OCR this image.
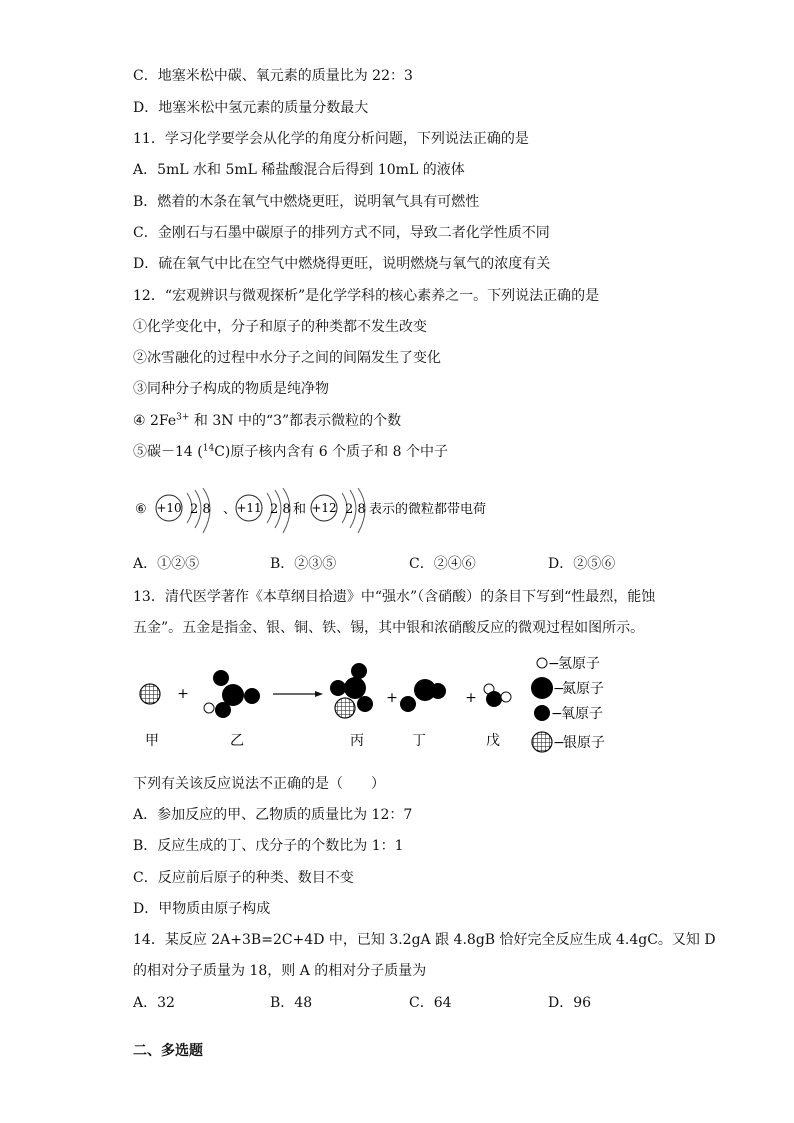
C．地塞米松中碳、氧元素的质量比为 22：3
D．地塞米松中氢元素的质量分数最大
11．学习化学要学会从化学的角度分析问题，下列说法正确的是
A．5mL 水和 5mL 稀盐酸混合后得到 10mL 的液体
B．燃着的木条在氧气中燃烧更旺，说明氧气具有可燃性
C．金刚石与石墨中碳原子的排列方式不同，导致二者化学性质不同
D．硫在氧气中比在空气中燃烧得更旺，说明燃烧与氧气的浓度有关
12．“宏观辨识与微观探析”是化学学科的核心素养之一。下列说法正确的是
①化学变化中，分子和原子的种类都不发生改变
②冰雪融化的过程中水分子之间的间隔发生了变化
③同种分子构成的物质是纯净物
④ $2Fe^{3+}$ 和 3N 中的“3”都表示微粒的个数
⑤碳－14 ($^{14}$C)原子核内含有 6 个质子和 8 个中子
⑥ +10 2 8 、 +11 2 8 和 +12 2 8 表示的微粒都带电荷
A．①②⑤	B．②③⑤	C．②④⑥	D．②⑤⑥
13．清代医学著作《本草纲目拾遗》中“强水”（含硝酸）的条目下写到“性最烈，能蚀
五金”。五金是指金、银、铜、铁、锡，其中银和浓硝酸反应的微观过程如图所示。
+	+	+
甲	乙	丙	丁	戊
−
氢原子
−
氮原子
−
氧原子
−
银原子
下列有关该反应说法不正确的是（　　）
A．参加反应的甲、乙物质的质量比为 12：7
B．反应生成的丁、戊分子的个数比为 1：1
C．反应前后原子的种类、数目不变
D．甲物质由原子构成
14．某反应 2A+3B=2C+4D 中，已知 3.2gA 跟 4.8gB 恰好完全反应生成 4.4gC。又知 D
的相对分子质量为 18，则 A 的相对分子质量为
A．32	B．48	C．64	D．96
二、多选题
